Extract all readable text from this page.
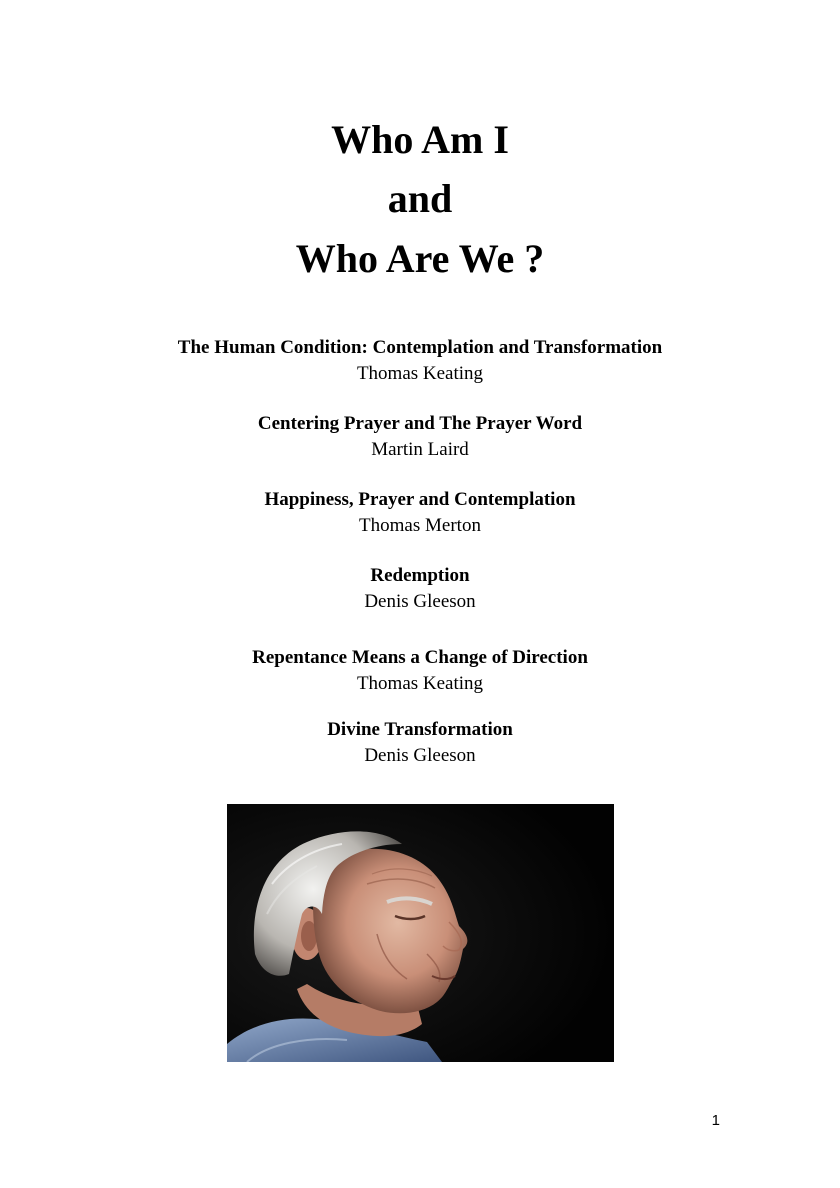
Who Am I
and
Who Are We ?

The Human Condition: Contemplation and Transformation

Thomas Keating

Centering Prayer and The Prayer Word

Martin Laird

Happiness, Prayer and Contemplation

Thomas Merton

Redemption

Denis Gleeson

Repentance Means a Change of Direction

Thomas Keating

Divine Transformation

Denis Gleeson

1
